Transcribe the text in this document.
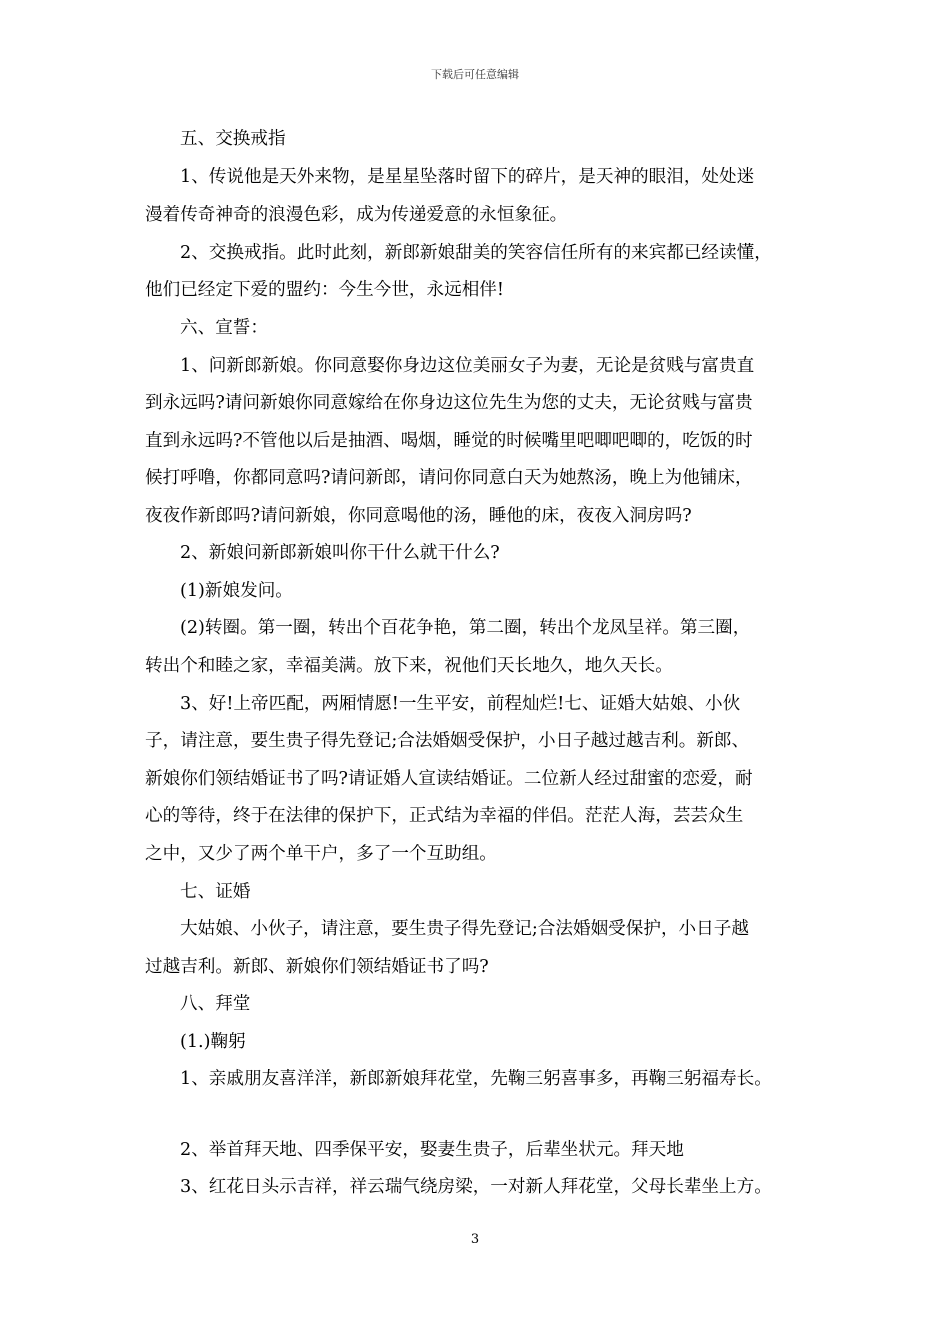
下载后可任意编辑
五、交换戒指
1、传说他是天外来物，是星星坠落时留下的碎片，是天神的眼泪，处处迷
漫着传奇神奇的浪漫色彩，成为传递爱意的永恒象征。
2、交换戒指。此时此刻，新郎新娘甜美的笑容信任所有的来宾都已经读懂，
他们已经定下爱的盟约：今生今世，永远相伴!
六、宣誓：
1、问新郎新娘。你同意娶你身边这位美丽女子为妻，无论是贫贱与富贵直
到永远吗?请问新娘你同意嫁给在你身边这位先生为您的丈夫，无论贫贱与富贵
直到永远吗?不管他以后是抽酒、喝烟，睡觉的时候嘴里吧唧吧唧的，吃饭的时
候打呼噜，你都同意吗?请问新郎，请问你同意白天为她熬汤，晚上为他铺床，
夜夜作新郎吗?请问新娘，你同意喝他的汤，睡他的床，夜夜入洞房吗?
2、新娘问新郎新娘叫你干什么就干什么?
(1)新娘发问。
(2)转圈。第一圈，转出个百花争艳，第二圈，转出个龙凤呈祥。第三圈，
转出个和睦之家，幸福美满。放下来，祝他们天长地久，地久天长。
3、好!上帝匹配，两厢情愿!一生平安，前程灿烂!七、证婚大姑娘、小伙
子，请注意，要生贵子得先登记;合法婚姻受保护，小日子越过越吉利。新郎、
新娘你们领结婚证书了吗?请证婚人宣读结婚证。二位新人经过甜蜜的恋爱，耐
心的等待，终于在法律的保护下，正式结为幸福的伴侣。茫茫人海，芸芸众生
之中，又少了两个单干户，多了一个互助组。
七、证婚
大姑娘、小伙子，请注意，要生贵子得先登记;合法婚姻受保护，小日子越
过越吉利。新郎、新娘你们领结婚证书了吗?
八、拜堂
(1.)鞠躬
1、亲戚朋友喜洋洋，新郎新娘拜花堂，先鞠三躬喜事多，再鞠三躬福寿长。
2、举首拜天地、四季保平安，娶妻生贵子，后辈坐状元。拜天地
3、红花日头示吉祥，祥云瑞气绕房梁，一对新人拜花堂，父母长辈坐上方。
3
